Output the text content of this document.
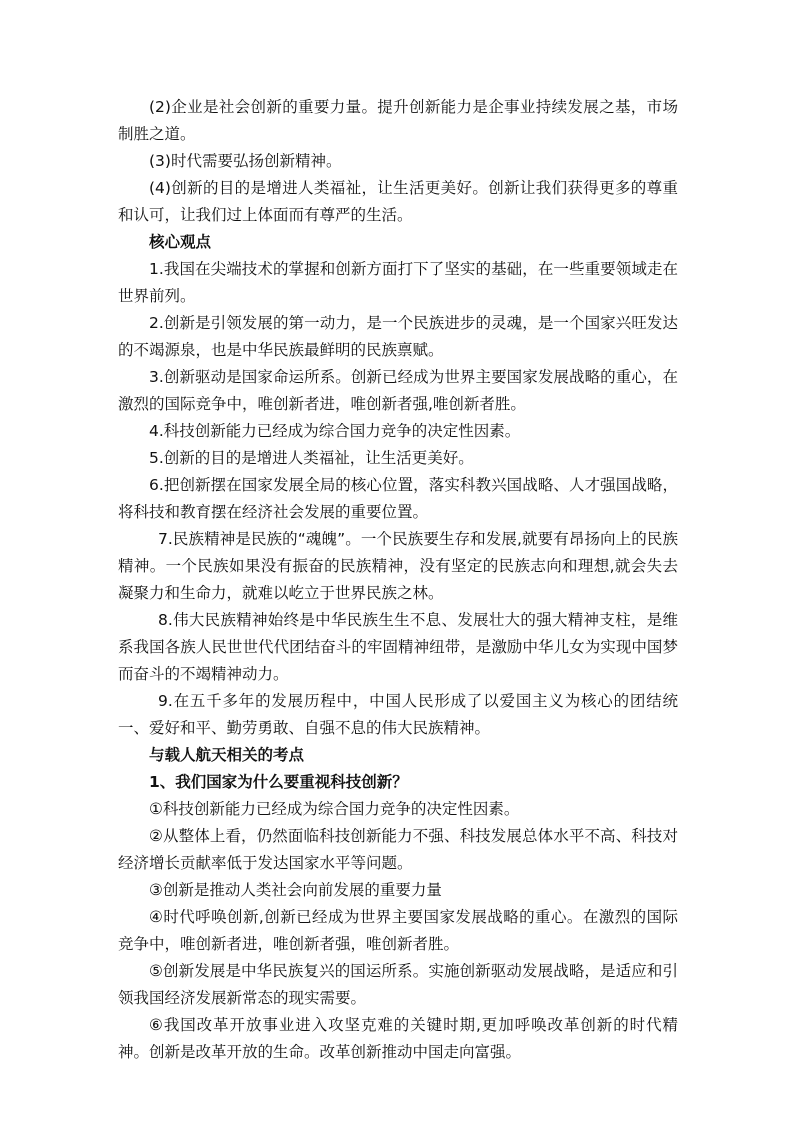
(2)企业是社会创新的重要力量。提升创新能力是企事业持续发展之基，市场制胜之道。

(3)时代需要弘扬创新精神。

(4)创新的目的是增进人类福祉，让生活更美好。创新让我们获得更多的尊重和认可，让我们过上体面而有尊严的生活。

核心观点

1.我国在尖端技术的掌握和创新方面打下了坚实的基础，在一些重要领域走在世界前列。

2.创新是引领发展的第一动力，是一个民族进步的灵魂，是一个国家兴旺发达的不竭源泉，也是中华民族最鲜明的民族禀赋。

3.创新驱动是国家命运所系。创新已经成为世界主要国家发展战略的重心，在激烈的国际竞争中，唯创新者进，唯创新者强,唯创新者胜。

4.科技创新能力已经成为综合国力竞争的决定性因素。

5.创新的目的是增进人类福祉，让生活更美好。

6.把创新摆在国家发展全局的核心位置，落实科教兴国战略、人才强国战略，将科技和教育摆在经济社会发展的重要位置。

7.民族精神是民族的“魂魄”。一个民族要生存和发展,就要有昂扬向上的民族精神。一个民族如果没有振奋的民族精神，没有坚定的民族志向和理想,就会失去凝聚力和生命力，就难以屹立于世界民族之林。

8.伟大民族精神始终是中华民族生生不息、发展壮大的强大精神支柱，是维系我国各族人民世世代代团结奋斗的牢固精神纽带，是激励中华儿女为实现中国梦而奋斗的不竭精神动力。

9.在五千多年的发展历程中，中国人民形成了以爱国主义为核心的团结统一、爱好和平、勤劳勇敢、自强不息的伟大民族精神。

与载人航天相关的考点

1、我们国家为什么要重视科技创新？

①科技创新能力已经成为综合国力竞争的决定性因素。

②从整体上看，仍然面临科技创新能力不强、科技发展总体水平不高、科技对经济增长贡献率低于发达国家水平等问题。

③创新是推动人类社会向前发展的重要力量

④时代呼唤创新,创新已经成为世界主要国家发展战略的重心。在激烈的国际竞争中，唯创新者进，唯创新者强，唯创新者胜。

⑤创新发展是中华民族复兴的国运所系。实施创新驱动发展战略，是适应和引领我国经济发展新常态的现实需要。

⑥我国改革开放事业进入攻坚克难的关键时期,更加呼唤改革创新的时代精神。创新是改革开放的生命。改革创新推动中国走向富强。
